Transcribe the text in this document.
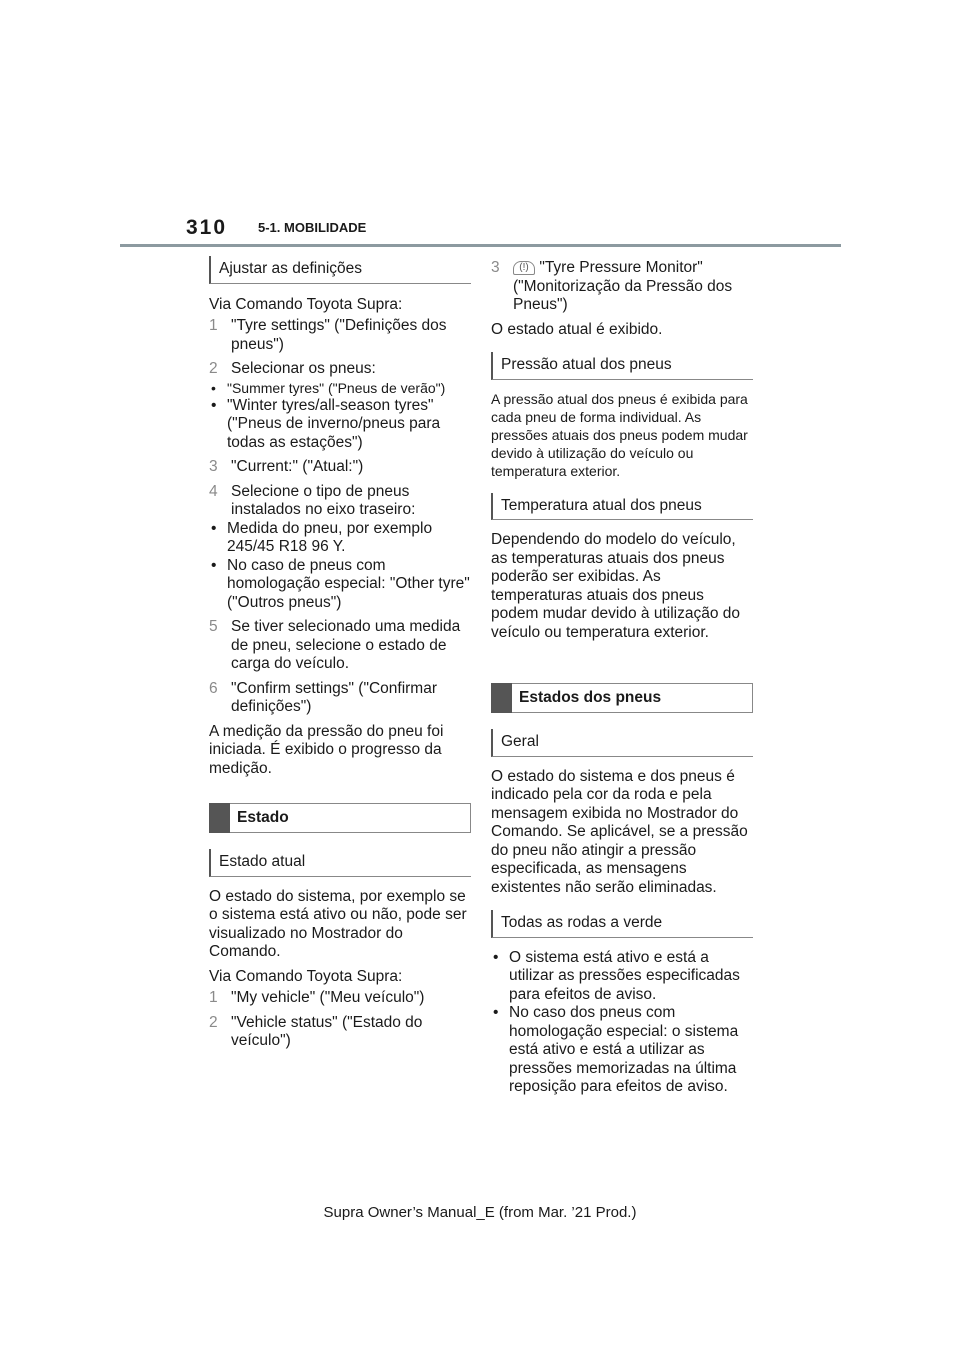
310 5-1. MOBILIDADE
Ajustar as definições

Via Comando Toyota Supra:

1 "Tyre settings" ("Definições dos pneus")

2 Selecionar os pneus:

• "Summer tyres" ("Pneus de verão")

• "Winter tyres/all-season tyres" ("Pneus de inverno/pneus para todas as estações")

3 "Current:" ("Atual:")

4 Selecione o tipo de pneus instalados no eixo traseiro:

• Medida do pneu, por exemplo 245/45 R18 96 Y.

• No caso de pneus com homologação especial: "Other tyre" ("Outros pneus")

5 Se tiver selecionado uma medida de pneu, selecione o estado de carga do veículo.

6 "Confirm settings" ("Confirmar definições")

A medição da pressão do pneu foi iniciada. É exibido o progresso da medição.

Estado
Estado atual

O estado do sistema, por exemplo se o sistema está ativo ou não, pode ser visualizado no Mostrador do Comando.

Via Comando Toyota Supra:

1 "My vehicle" ("Meu veículo")

2 "Vehicle status" ("Estado do veículo")

3 (!) "Tyre Pressure Monitor" ("Monitorização da Pressão dos Pneus")

O estado atual é exibido.

Pressão atual dos pneus

A pressão atual dos pneus é exibida para cada pneu de forma individual. As pressões atuais dos pneus podem mudar devido à utilização do veículo ou temperatura exterior.

Temperatura atual dos pneus

Dependendo do modelo do veículo, as temperaturas atuais dos pneus poderão ser exibidas. As temperaturas atuais dos pneus podem mudar devido à utilização do veículo ou temperatura exterior.

Estados dos pneus
Geral

O estado do sistema e dos pneus é indicado pela cor da roda e pela mensagem exibida no Mostrador do Comando. Se aplicável, se a pressão do pneu não atingir a pressão especificada, as mensagens existentes não serão eliminadas.

Todas as rodas a verde

• O sistema está ativo e está a utilizar as pressões especificadas para efeitos de aviso.

• No caso dos pneus com homologação especial: o sistema está ativo e está a utilizar as pressões memorizadas na última reposição para efeitos de aviso.

Supra Owner’s Manual_E (from Mar. ’21 Prod.)
